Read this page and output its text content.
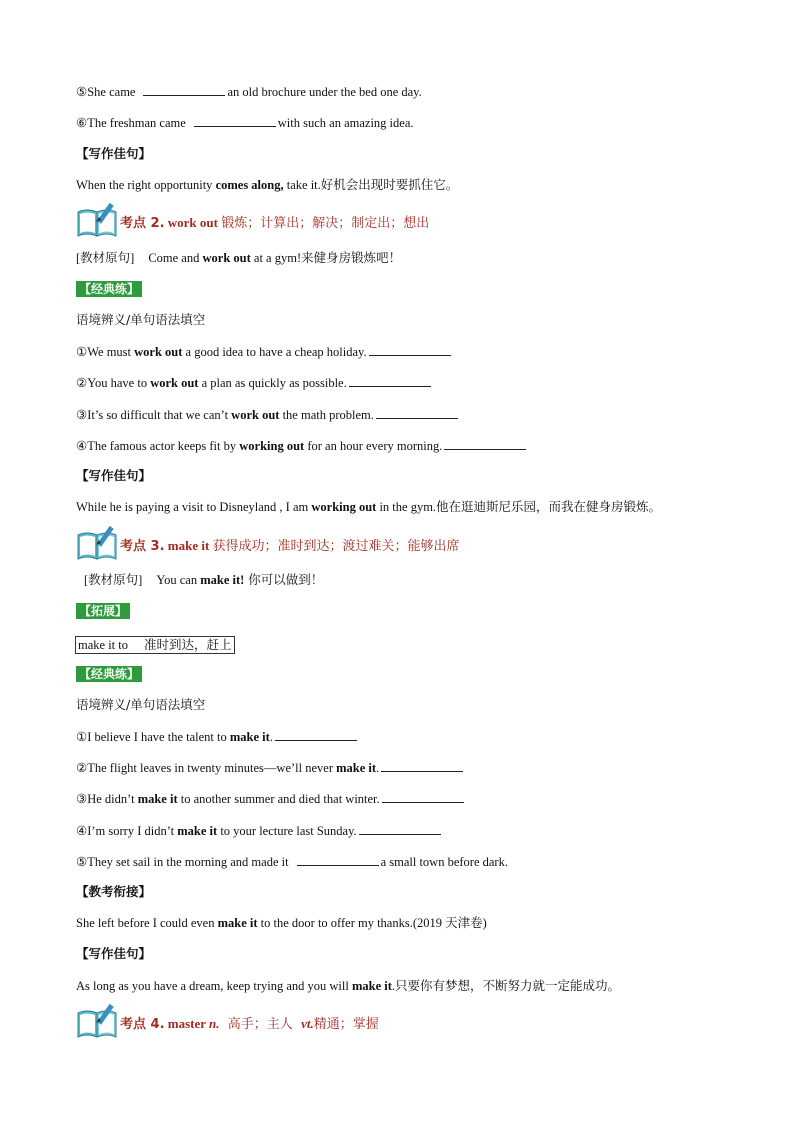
⑤She came	an old brochure under the bed one day.
⑥The freshman came	with such an amazing idea.
【写作佳句】
When the right opportunity comes along, take it.好机会出现时要抓住它。
考点 2. work out 锻炼；计算出；解决；制定出；想出
[教材原句] Come and work out at a gym!来健身房锻炼吧！
【经典练】
语境辨义/单句语法填空
①We must work out a good idea to have a cheap holiday.
②You have to work out a plan as quickly as possible.
③It’s so difficult that we can’t work out the math problem.
④The famous actor keeps fit by working out for an hour every morning.
【写作佳句】
While he is paying a visit to Disneyland , I am working out in the gym.他在逛迪斯尼乐园，而我在健身房锻炼。
考点 3. make it 获得成功；准时到达；渡过难关；能够出席
[教材原句] You can make it! 你可以做到！
【拓展】
make it to 准时到达，赶上
【经典练】
语境辨义/单句语法填空
①I believe I have the talent to make it.
②The flight leaves in twenty minutes—we’ll never make it.
③He didn’t make it to another summer and died that winter.
④I’m sorry I didn’t make it to your lecture last Sunday.
⑤They set sail in the morning and made it	a small town before dark.
【教考衔接】
She left before I could even make it to the door to offer my thanks.(2019 天津卷)
【写作佳句】
As long as you have a dream, keep trying and you will make it.只要你有梦想，不断努力就一定能成功。
考点 4. master n.  高手；主人  vt.精通；掌握
